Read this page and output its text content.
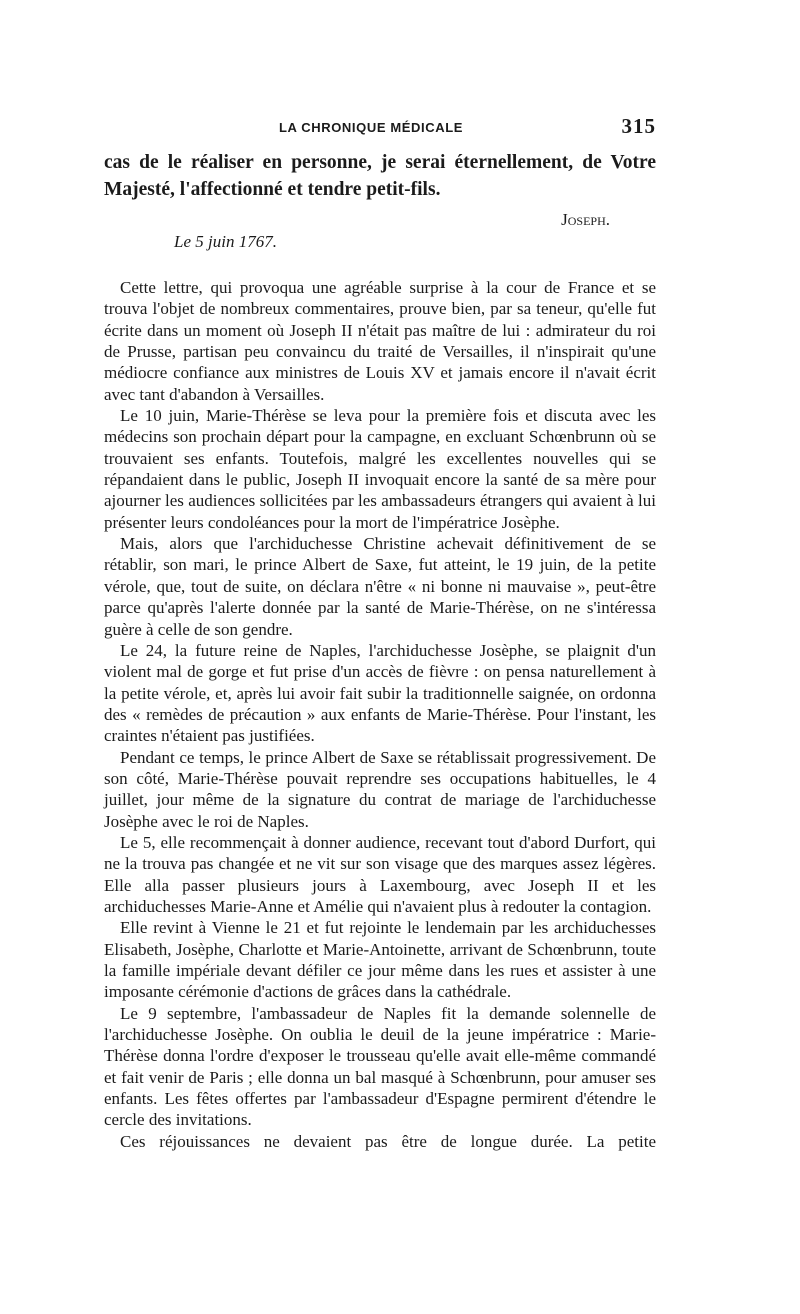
LA CHRONIQUE MÉDICALE	315

cas de le réaliser en personne, je serai éternellement, de Votre Majesté, l'affectionné et tendre petit-fils.

Joseph.
Le 5 juin 1767.

Cette lettre, qui provoqua une agréable surprise à la cour de France et se trouva l'objet de nombreux commentaires, prouve bien, par sa teneur, qu'elle fut écrite dans un moment où Joseph II n'était pas maître de lui : admirateur du roi de Prusse, partisan peu convaincu du traité de Versailles, il n'inspirait qu'une médiocre confiance aux ministres de Louis XV et jamais encore il n'avait écrit avec tant d'abandon à Versailles.

Le 10 juin, Marie-Thérèse se leva pour la première fois et discuta avec les médecins son prochain départ pour la campagne, en excluant Schœnbrunn où se trouvaient ses enfants. Toutefois, malgré les excellentes nouvelles qui se répandaient dans le public, Joseph II invoquait encore la santé de sa mère pour ajourner les audiences sollicitées par les ambassadeurs étrangers qui avaient à lui présenter leurs condoléances pour la mort de l'impératrice Josèphe.

Mais, alors que l'archiduchesse Christine achevait définitivement de se rétablir, son mari, le prince Albert de Saxe, fut atteint, le 19 juin, de la petite vérole, que, tout de suite, on déclara n'être « ni bonne ni mauvaise », peut-être parce qu'après l'alerte donnée par la santé de Marie-Thérèse, on ne s'intéressa guère à celle de son gendre.

Le 24, la future reine de Naples, l'archiduchesse Josèphe, se plaignit d'un violent mal de gorge et fut prise d'un accès de fièvre : on pensa naturellement à la petite vérole, et, après lui avoir fait subir la traditionnelle saignée, on ordonna des « remèdes de précaution » aux enfants de Marie-Thérèse. Pour l'instant, les craintes n'étaient pas justifiées.

Pendant ce temps, le prince Albert de Saxe se rétablissait progressivement. De son côté, Marie-Thérèse pouvait reprendre ses occupations habituelles, le 4 juillet, jour même de la signature du contrat de mariage de l'archiduchesse Josèphe avec le roi de Naples.

Le 5, elle recommençait à donner audience, recevant tout d'abord Durfort, qui ne la trouva pas changée et ne vit sur son visage que des marques assez légères. Elle alla passer plusieurs jours à Laxembourg, avec Joseph II et les archiduchesses Marie-Anne et Amélie qui n'avaient plus à redouter la contagion.

Elle revint à Vienne le 21 et fut rejointe le lendemain par les archiduchesses Elisabeth, Josèphe, Charlotte et Marie-Antoinette, arrivant de Schœnbrunn, toute la famille impériale devant défiler ce jour même dans les rues et assister à une imposante cérémonie d'actions de grâces dans la cathédrale.

Le 9 septembre, l'ambassadeur de Naples fit la demande solennelle de l'archiduchesse Josèphe. On oublia le deuil de la jeune impératrice : Marie-Thérèse donna l'ordre d'exposer le trousseau qu'elle avait elle-même commandé et fait venir de Paris ; elle donna un bal masqué à Schœnbrunn, pour amuser ses enfants. Les fêtes offertes par l'ambassadeur d'Espagne permirent d'étendre le cercle des invitations.

Ces réjouissances ne devaient pas être de longue durée. La petite
